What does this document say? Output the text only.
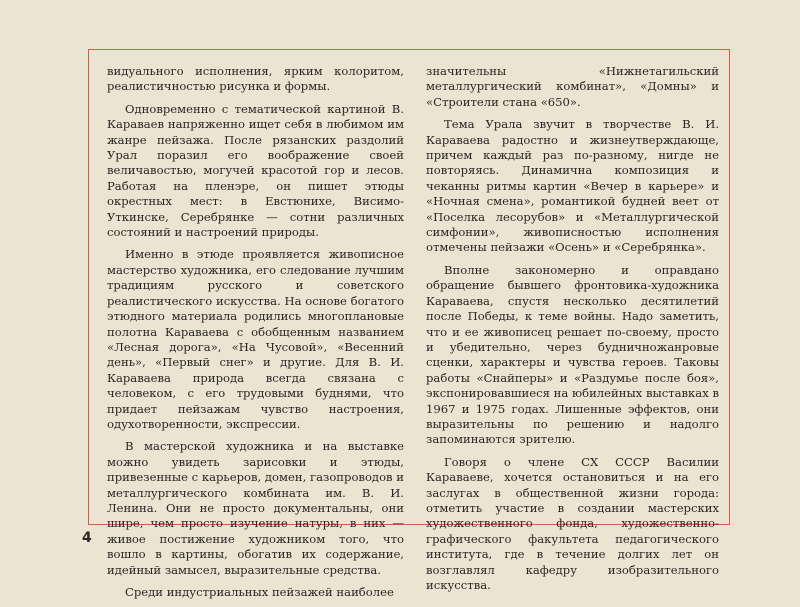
видуального исполнения, ярким колоритом, реалистичностью рисунка и формы.

Одновременно с тематической картиной В. Караваев напряженно ищет себя в любимом им жанре пейзажа. После рязанских раздолий Урал поразил его воображение своей величавостью, могучей красотой гор и лесов. Работая на пленэре, он пишет этюды окрестных мест: в Евстюнихе, Висимо-Уткинске, Серебрянке — сотни различных состояний и настроений природы.

Именно в этюде проявляется живописное мастерство художника, его следование лучшим традициям русского и советского реалистического искусства. На основе богатого этюдного материала родились многоплановые полотна Караваева с обобщенным названием «Лесная дорога», «На Чусовой», «Весенний день», «Первый снег» и другие. Для В. И. Караваева природа всегда связана с человеком, с его трудовыми буднями, что придает пейзажам чувство настроения, одухотворенности, экспрессии.

В мастерской художника и на выставке можно увидеть зарисовки и этюды, привезенные с карьеров, домен, газопроводов и металлургического комбината им. В. И. Ленина. Они не просто документальны, они шире, чем просто изучение натуры, в них — живое постижение художником того, что вошло в картины, обогатив их содержание, идейный замысел, выразительные средства.

Среди индустриальных пейзажей наиболее

значительны «Нижнетагильский металлургический комбинат», «Домны» и «Строители стана «650».

Тема Урала звучит в творчестве В. И. Караваева радостно и жизнеутверждающе, причем каждый раз по-разному, нигде не повторяясь. Динамична композиция и чеканны ритмы картин «Вечер в карьере» и «Ночная смена», романтикой будней веет от «Поселка лесорубов» и «Металлургической симфонии», живописностью исполнения отмечены пейзажи «Осень» и «Серебрянка».

Вполне закономерно и оправдано обращение бывшего фронтовика-художника Караваева, спустя несколько десятилетий после Победы, к теме войны. Надо заметить, что и ее живописец решает по-своему, просто и убедительно, через будничножанровые сценки, характеры и чувства героев. Таковы работы «Снайперы» и «Раздумье после боя», экспонировавшиеся на юбилейных выставках в 1967 и 1975 годах. Лишенные эффектов, они выразительны по решению и надолго запоминаются зрителю.

Говоря о члене СХ СССР Василии Караваеве, хочется остановиться и на его заслугах в общественной жизни города: отметить участие в создании мастерских художественного фонда, художественно-графического факультета педагогического института, где в течение долгих лет он возглавлял кафедру изобразительного искусства.

4
